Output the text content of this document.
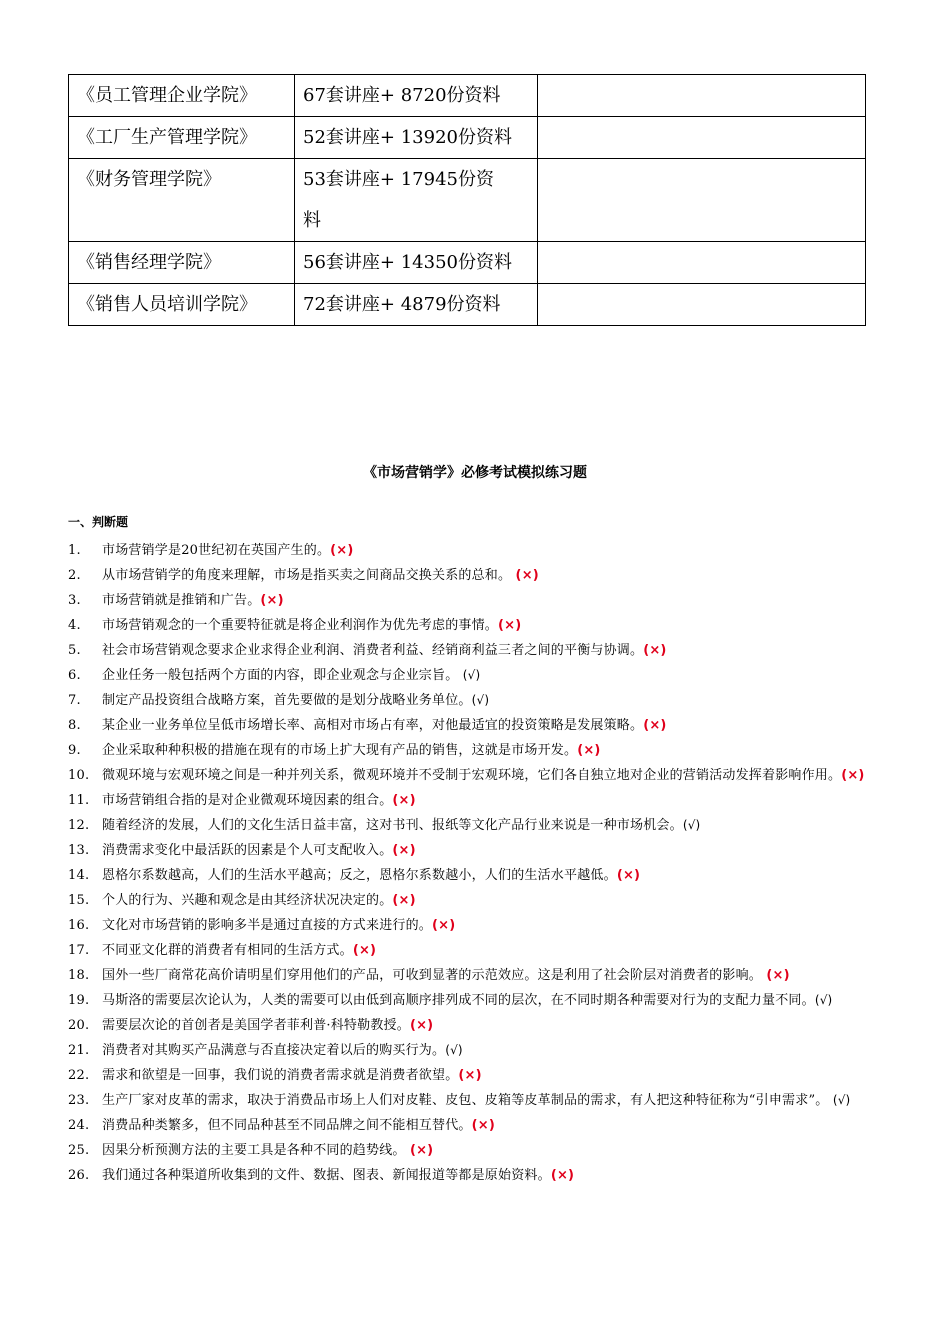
《员工管理企业学院》	67套讲座+ 8720份资料	
《工厂生产管理学院》	52套讲座+ 13920份资料	
《财务管理学院》	53套讲座+ 17945份资料	
《销售经理学院》	56套讲座+ 14350份资料	
《销售人员培训学院》	72套讲座+ 4879份资料	
《市场营销学》必修考试模拟练习题
一、判断题
1. 市场营销学是20世纪初在英国产生的。(×)
2. 从市场营销学的角度来理解，市场是指买卖之间商品交换关系的总和。 (×)
3. 市场营销就是推销和广告。(×)
4. 市场营销观念的一个重要特征就是将企业利润作为优先考虑的事情。(×)
5. 社会市场营销观念要求企业求得企业利润、消费者利益、经销商利益三者之间的平衡与协调。(×)
6. 企业任务一般包括两个方面的内容，即企业观念与企业宗旨。 (√)
7. 制定产品投资组合战略方案，首先要做的是划分战略业务单位。(√)
8. 某企业一业务单位呈低市场增长率、高相对市场占有率，对他最适宜的投资策略是发展策略。(×)
9. 企业采取种种积极的措施在现有的市场上扩大现有产品的销售，这就是市场开发。(×)
10. 微观环境与宏观环境之间是一种并列关系，微观环境并不受制于宏观环境，它们各自独立地对企业的营销活动发挥着影响作用。(×)
11. 市场营销组合指的是对企业微观环境因素的组合。(×)
12. 随着经济的发展，人们的文化生活日益丰富，这对书刊、报纸等文化产品行业来说是一种市场机会。(√)
13. 消费需求变化中最活跃的因素是个人可支配收入。(×)
14. 恩格尔系数越高，人们的生活水平越高；反之，恩格尔系数越小，人们的生活水平越低。(×)
15. 个人的行为、兴趣和观念是由其经济状况决定的。(×)
16. 文化对市场营销的影响多半是通过直接的方式来进行的。(×)
17. 不同亚文化群的消费者有相同的生活方式。(×)
18. 国外一些厂商常花高价请明星们穿用他们的产品，可收到显著的示范效应。这是利用了社会阶层对消费者的影响。 (×)
19. 马斯洛的需要层次论认为，人类的需要可以由低到高顺序排列成不同的层次，在不同时期各种需要对行为的支配力量不同。(√)
20. 需要层次论的首创者是美国学者菲利普·科特勒教授。(×)
21. 消费者对其购买产品满意与否直接决定着以后的购买行为。(√)
22. 需求和欲望是一回事，我们说的消费者需求就是消费者欲望。(×)
23. 生产厂家对皮革的需求，取决于消费品市场上人们对皮鞋、皮包、皮箱等皮革制品的需求，有人把这种特征称为“引申需求”。 (√)
24. 消费品种类繁多，但不同品种甚至不同品牌之间不能相互替代。(×)
25. 因果分析预测方法的主要工具是各种不同的趋势线。 (×)
26. 我们通过各种渠道所收集到的文件、数据、图表、新闻报道等都是原始资料。(×)
